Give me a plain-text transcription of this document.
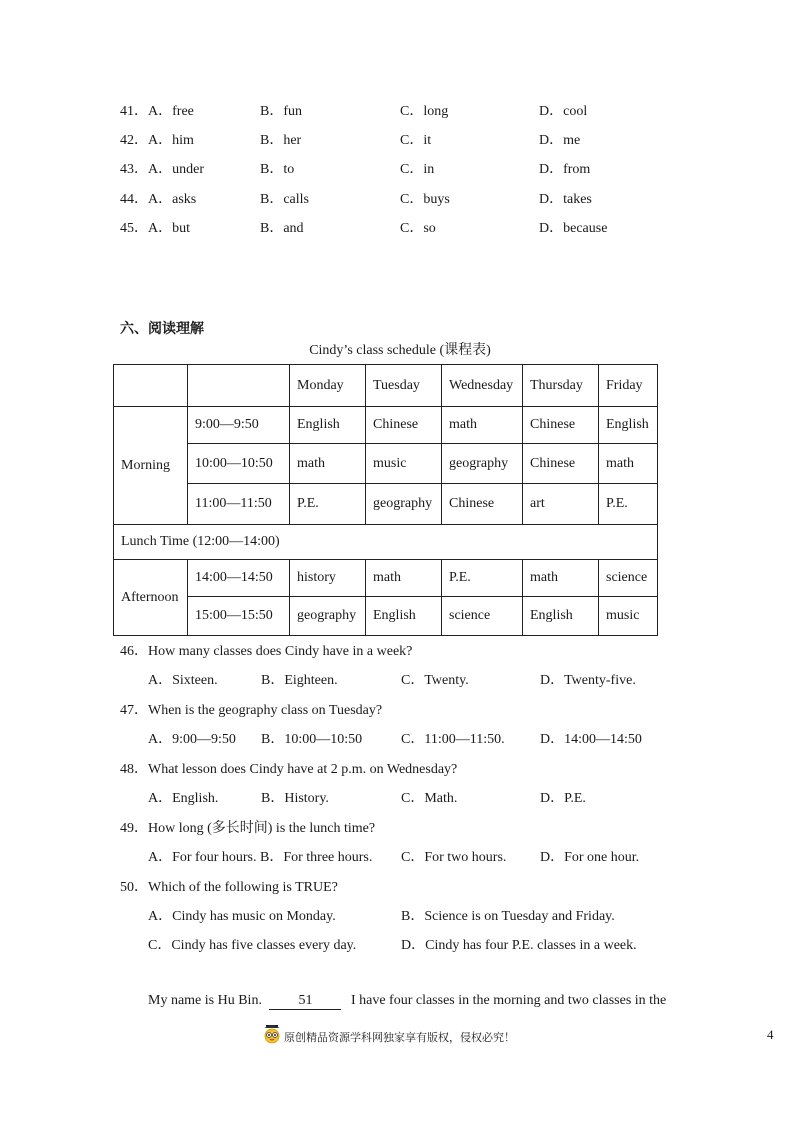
41．A．free	B．fun	C．long	D．cool
42．A．him	B．her	C．it	D．me
43．A．under	B．to	C．in	D．from
44．A．asks	B．calls	C．buys	D．takes
45．A．but	B．and	C．so	D．because
六、阅读理解
Cindy’s class schedule (课程表)
		Monday	Tuesday	Wednesday	Thursday	Friday
Morning	9:00—9:50	English	Chinese	math	Chinese	English
	10:00—10:50	math	music	geography	Chinese	math
	11:00—11:50	P.E.	geography	Chinese	art	P.E.
Lunch Time (12:00—14:00)						
Afternoon	14:00—14:50	history	math	P.E.	math	science
	15:00—15:50	geography	English	science	English	music
46．How many classes does Cindy have in a week?
A．Sixteen.	B．Eighteen.	C．Twenty.	D．Twenty-five.
47．When is the geography class on Tuesday?
A．9:00—9:50 B．10:00—10:50	C．11:00—11:50.	D．14:00—14:50
48．What lesson does Cindy have at 2 p.m. on Wednesday?
A．English.	B．History.	C．Math.	D．P.E.
49．How long (多长时间) is the lunch time?
A．For four hours. B．For three hours. C．For two hours. D．For one hour.
50．Which of the following is TRUE?
A．Cindy has music on Monday.	B．Science is on Tuesday and Friday.
C．Cindy has five classes every day.	D．Cindy has four P.E. classes in a week.
My name is Hu Bin.	51	I have four classes in the morning and two classes in the
4
原创精品资源学科网独家享有版权，侵权必究！
